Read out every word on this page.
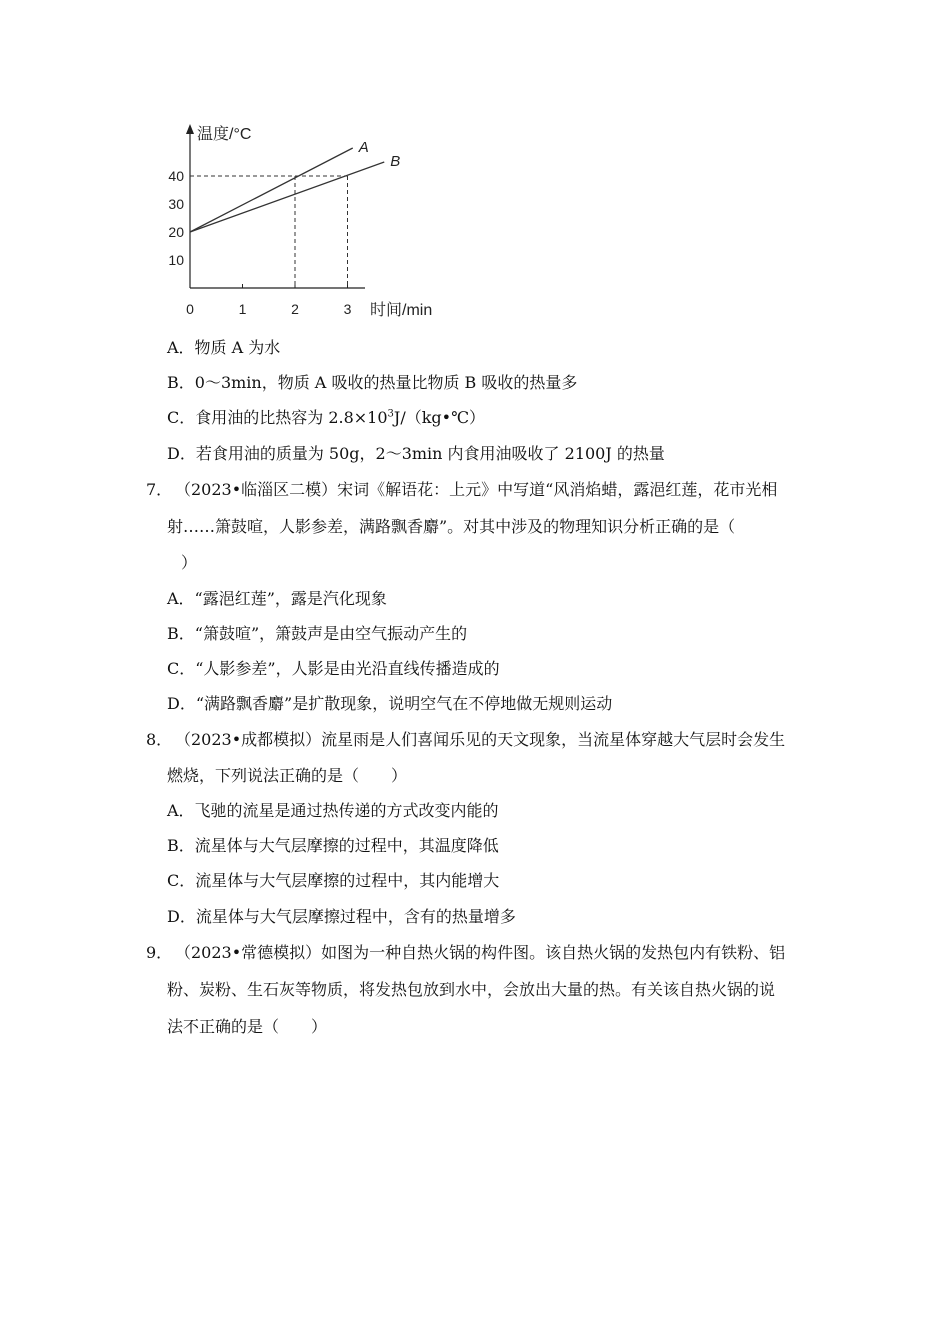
10
20
30
40
0	1	2	3
A
B
温度/°C
时间/min
A．物质 A 为水
B．0～3min，物质 A 吸收的热量比物质 B 吸收的热量多
C．食用油的比热容为 $2.8\times 10^3J/(kg•℃)$
D．若食用油的质量为 50g，2～3min 内食用油吸收了 2100J 的热量
7． （2023•临淄区二模）宋词《解语花：上元》中写道“风消焰蜡，露浥红莲，花市光相
射……箫鼓喧，人影参差，满路飘香麝”。对其中涉及的物理知识分析正确的是（
）
A．“露浥红莲”，露是汽化现象
B．“箫鼓喧”，箫鼓声是由空气振动产生的
C．“人影参差”，人影是由光沿直线传播造成的
D．“满路飘香麝”是扩散现象，说明空气在不停地做无规则运动
8． （2023•成都模拟）流星雨是人们喜闻乐见的天文现象，当流星体穿越大气层时会发生
燃烧，下列说法正确的是（　　）
A．飞驰的流星是通过热传递的方式改变内能的
B．流星体与大气层摩擦的过程中，其温度降低
C．流星体与大气层摩擦的过程中，其内能增大
D．流星体与大气层摩擦过程中，含有的热量增多
9． （2023•常德模拟）如图为一种自热火锅的构件图。该自热火锅的发热包内有铁粉、铝
粉、炭粉、生石灰等物质，将发热包放到水中，会放出大量的热。有关该自热火锅的说
法不正确的是（　　）
